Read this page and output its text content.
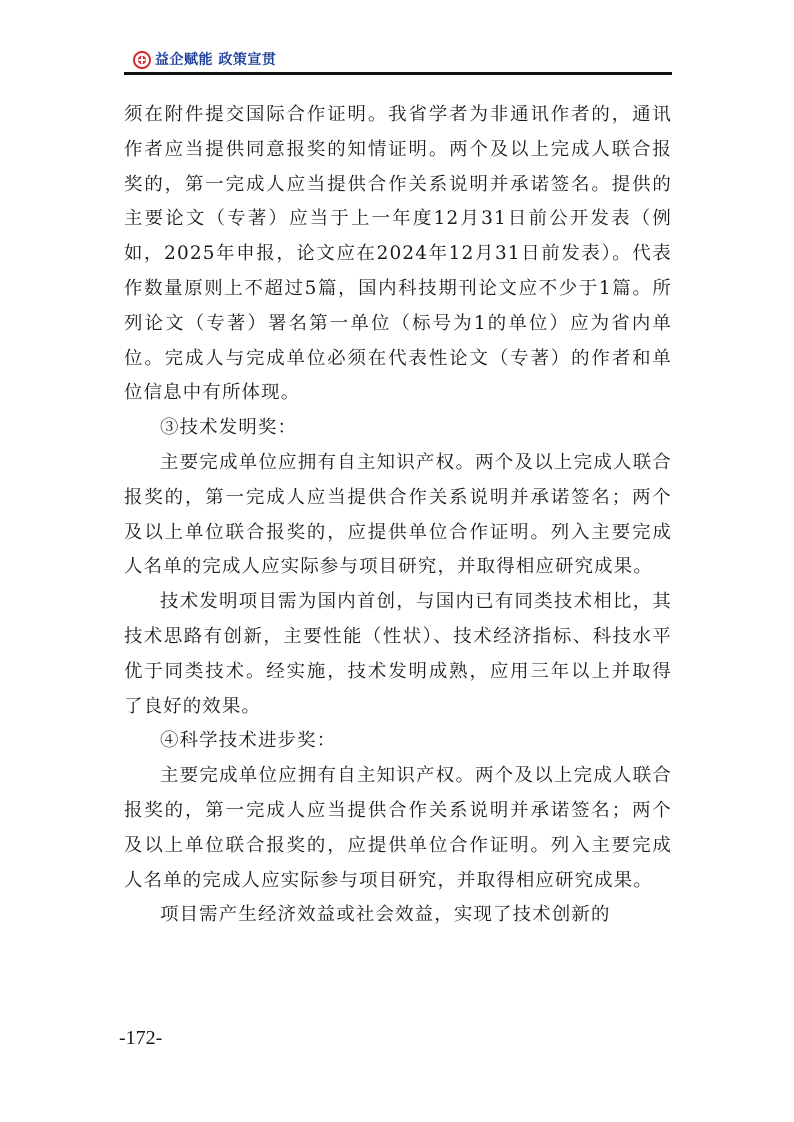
益企赋能 政策宣贯

须在附件提交国际合作证明。我省学者为非通讯作者的，通讯作者应当提供同意报奖的知情证明。两个及以上完成人联合报奖的，第一完成人应当提供合作关系说明并承诺签名。提供的主要论文（专著）应当于上一年度12月31日前公开发表（例如，2025年申报，论文应在2024年12月31日前发表）。代表作数量原则上不超过5篇，国内科技期刊论文应不少于1篇。所列论文（专著）署名第一单位（标号为1的单位）应为省内单位。完成人与完成单位必须在代表性论文（专著）的作者和单位信息中有所体现。

③技术发明奖：

主要完成单位应拥有自主知识产权。两个及以上完成人联合报奖的，第一完成人应当提供合作关系说明并承诺签名；两个及以上单位联合报奖的，应提供单位合作证明。列入主要完成人名单的完成人应实际参与项目研究，并取得相应研究成果。

技术发明项目需为国内首创，与国内已有同类技术相比，其技术思路有创新，主要性能（性状）、技术经济指标、科技水平优于同类技术。经实施，技术发明成熟，应用三年以上并取得了良好的效果。

④科学技术进步奖：

主要完成单位应拥有自主知识产权。两个及以上完成人联合报奖的，第一完成人应当提供合作关系说明并承诺签名；两个及以上单位联合报奖的，应提供单位合作证明。列入主要完成人名单的完成人应实际参与项目研究，并取得相应研究成果。

项目需产生经济效益或社会效益，实现了技术创新的

-172-
